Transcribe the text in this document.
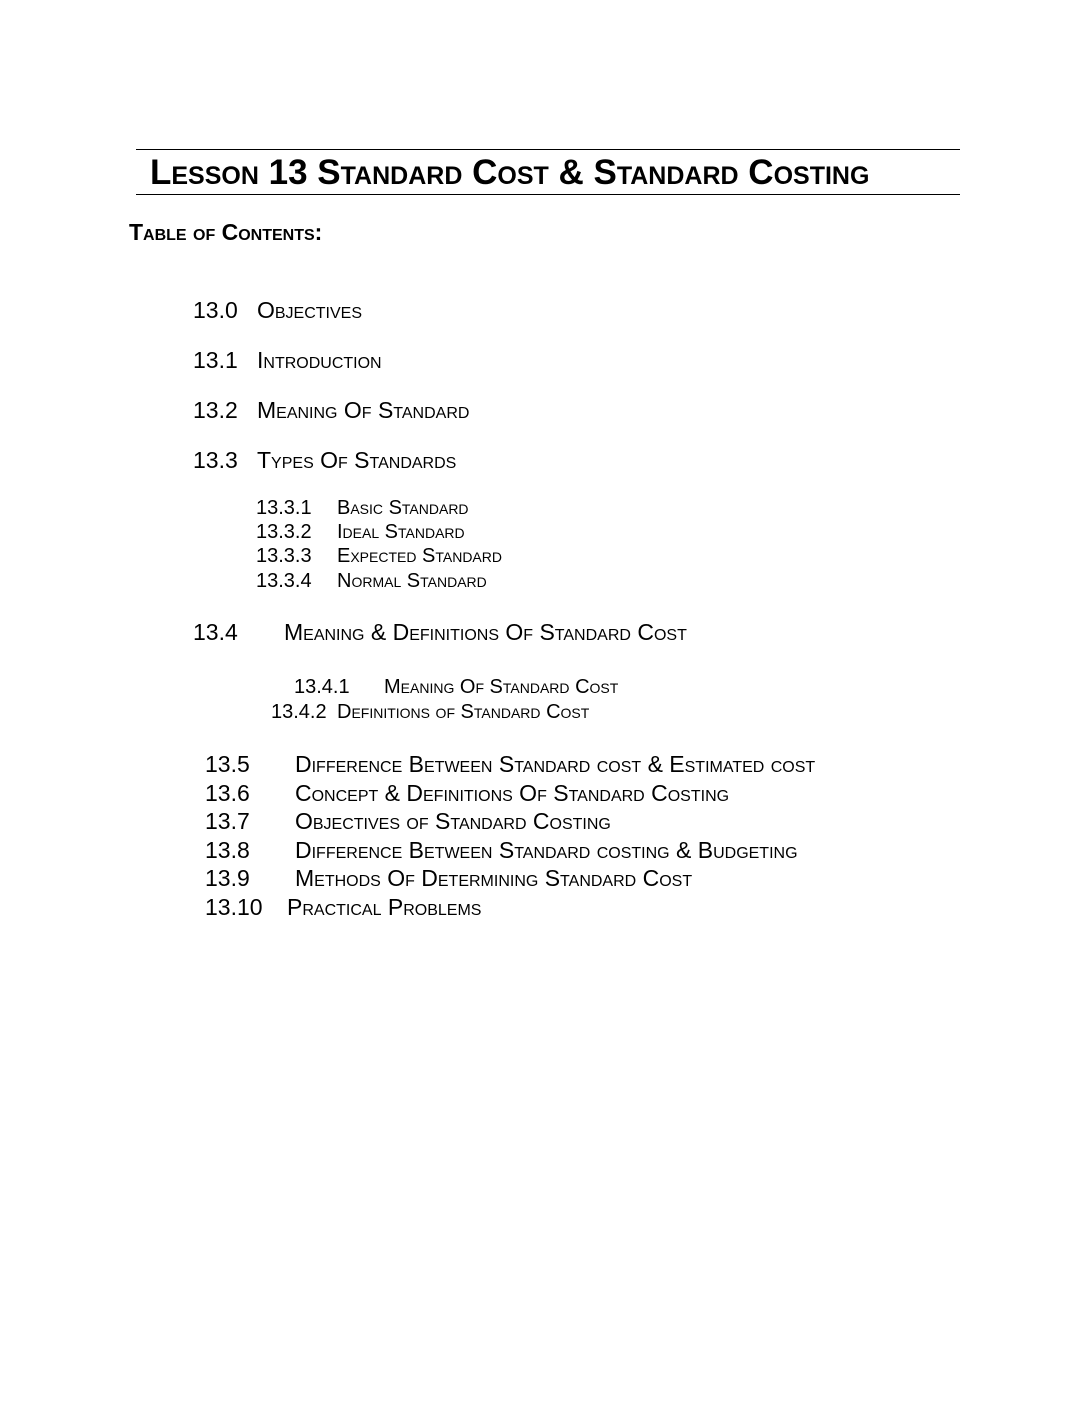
Lesson 13 Standard Cost & Standard Costing
Table of Contents:
13.0 Objectives
13.1 Introduction
13.2 Meaning Of Standard
13.3 Types Of Standards
13.3.1 Basic Standard
13.3.2 Ideal Standard
13.3.3 Expected Standard
13.3.4 Normal Standard
13.4 Meaning & Definitions Of Standard Cost
13.4.1 Meaning Of Standard Cost
13.4.2 Definitions of Standard Cost
13.5 Difference Between Standard cost & Estimated cost
13.6 Concept & Definitions Of Standard Costing
13.7 Objectives of Standard Costing
13.8 Difference Between Standard costing & Budgeting
13.9 Methods Of Determining Standard Cost
13.10 Practical Problems
